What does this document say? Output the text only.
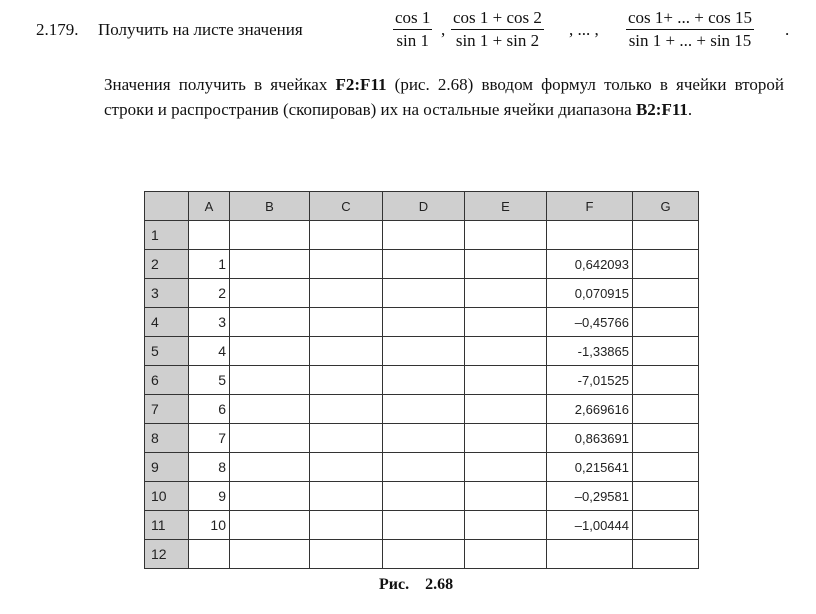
2.179. Получить на листе значения
cos 1
sin 1
,
cos 1 + cos 2
sin 1 + sin 2
, ... ,
cos 1+ ... + cos 15
sin 1 + ... + sin 15
.
Значения получить в ячейках F2:F11 (рис. 2.68) вводом формул только в ячейки второй строки и распространив (скопировав) их на остальные ячейки диапазона B2:F11.
	A	B	C	D	E	F	G
1							
2	1					0,642093	
3	2					0,070915	
4	3					–0,45766	
5	4					-1,33865	
6	5					-7,01525	
7	6					2,669616	
8	7					0,863691	
9	8					0,215641	
10	9					–0,29581	
11	10					–1,00444	
12							
Рис. 2.68
